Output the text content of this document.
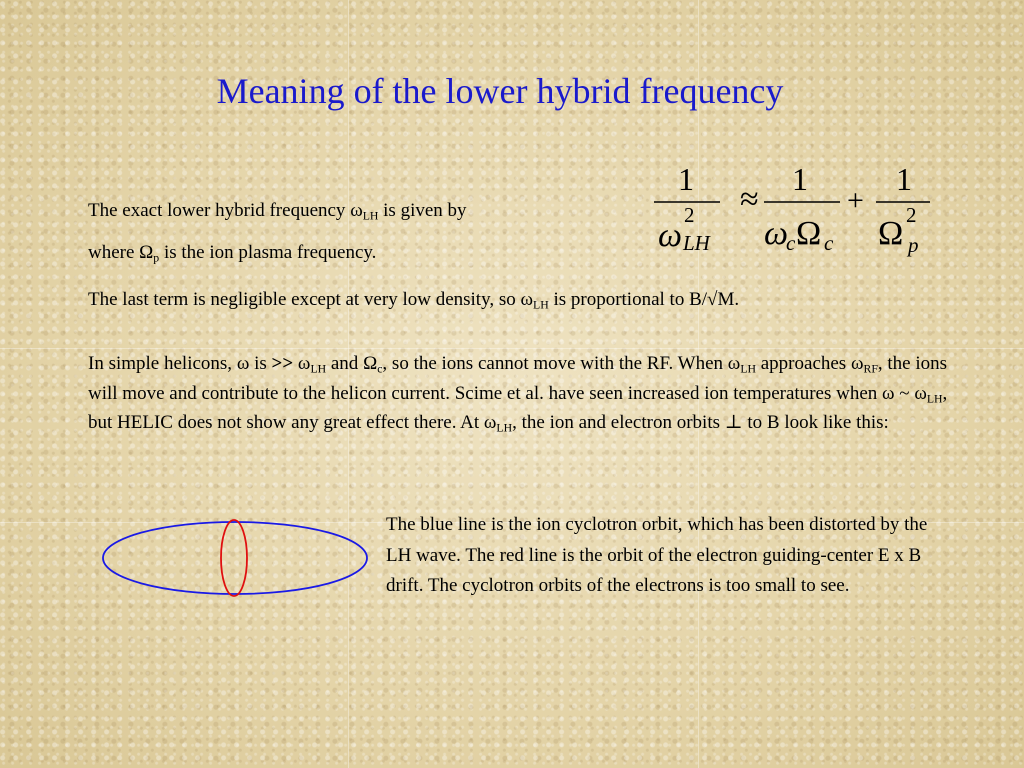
Meaning of the lower hybrid frequency

The exact lower hybrid frequency $\omega_{LH}$ is given by

where $\Omega_p$ is the ion plasma frequency.

1
ω
2
LH
≈
1
ω
c Ω c
+
1
Ω 2
p

The last term is negligible except at very low density, so $\omega_{LH}$ is proportional to B/√M.

In simple helicons, ω is >> $\omega_{LH}$ and $\Omega_c$, so the ions cannot move with the RF. When $\omega_{LH}$ approaches $\omega_{RF}$, the ions will move and contribute to the helicon current. Scime et al. have seen increased ion temperatures when ω ~ $\omega_{LH}$, but HELIC does not show any great effect there. At $\omega_{LH}$, the ion and electron orbits ⊥ to B look like this:

The blue line is the ion cyclotron orbit, which has been distorted by the LH wave. The red line is the orbit of the electron guiding-center E x B drift. The cyclotron orbits of the electrons is too small to see.
